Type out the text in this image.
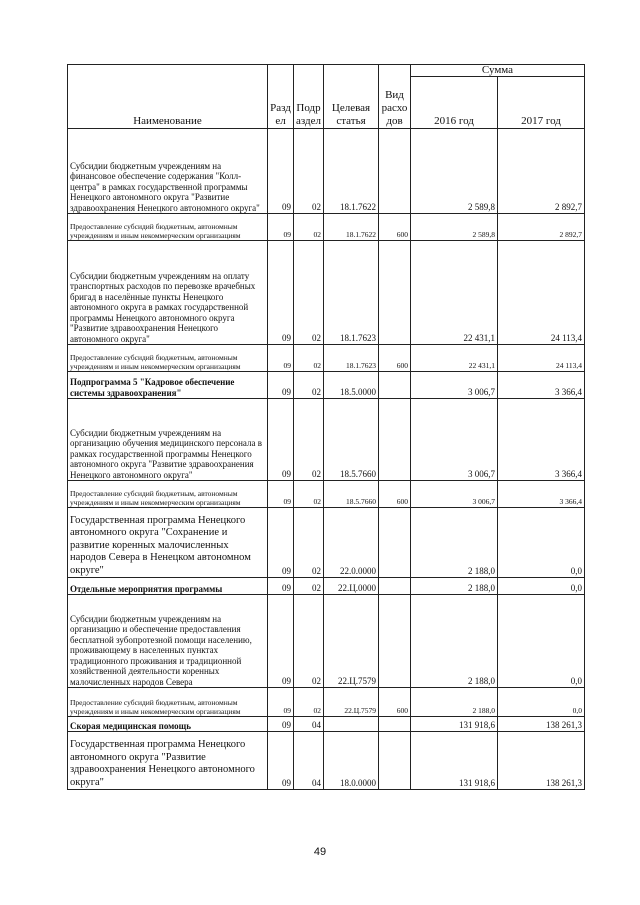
Наименование	Разд ел	Подр аздел	Целевая статья	Вид расхо дов	Сумма	
					2016 год	2017 год
Субсидии бюджетным учреждениям на финансовое обеспечение содержания "Колл-центра" в рамках государственной программы Ненецкого автономного округа "Развитие здравоохранения Ненецкого автономного округа"	09	02	18.1.7622		2 589,8	2 892,7
Предоставление субсидий бюджетным, автономным учреждениям и иным некоммерческим организациям	09	02	18.1.7622	600	2 589,8	2 892,7
Субсидии бюджетным учреждениям на оплату транспортных расходов по перевозке врачебных бригад в населённые пункты Ненецкого автономного округа в рамках государственной программы Ненецкого автономного округа "Развитие здравоохранения Ненецкого автономного округа"	09	02	18.1.7623		22 431,1	24 113,4
Предоставление субсидий бюджетным, автономным учреждениям и иным некоммерческим организациям	09	02	18.1.7623	600	22 431,1	24 113,4
Подпрограмма 5 "Кадровое обеспечение системы здравоохранения"	09	02	18.5.0000		3 006,7	3 366,4
Субсидии бюджетным учреждениям на организацию обучения медицинского персонала в рамках государственной программы Ненецкого автономного округа "Развитие здравоохранения Ненецкого автономного округа"	09	02	18.5.7660		3 006,7	3 366,4
Предоставление субсидий бюджетным, автономным учреждениям и иным некоммерческим организациям	09	02	18.5.7660	600	3 006,7	3 366,4
Государственная программа Ненецкого автономного округа "Сохранение и развитие коренных малочисленных народов Севера в Ненецком автономном округе"	09	02	22.0.0000		2 188,0	0,0
Отдельные мероприятия программы	09	02	22.Ц.0000		2 188,0	0,0
Субсидии бюджетным учреждениям на организацию и обеспечение предоставления бесплатной зубопротезной помощи населению, проживающему в населенных пунктах традиционного проживания и традиционной хозяйственной деятельности коренных малочисленных народов Севера	09	02	22.Ц.7579		2 188,0	0,0
Предоставление субсидий бюджетным, автономным учреждениям и иным некоммерческим организациям	09	02	22.Ц.7579	600	2 188,0	0,0
Скорая медицинская помощь	09	04			131 918,6	138 261,3
Государственная программа Ненецкого автономного округа "Развитие здравоохранения Ненецкого автономного округа"	09	04	18.0.0000		131 918,6	138 261,3
49
